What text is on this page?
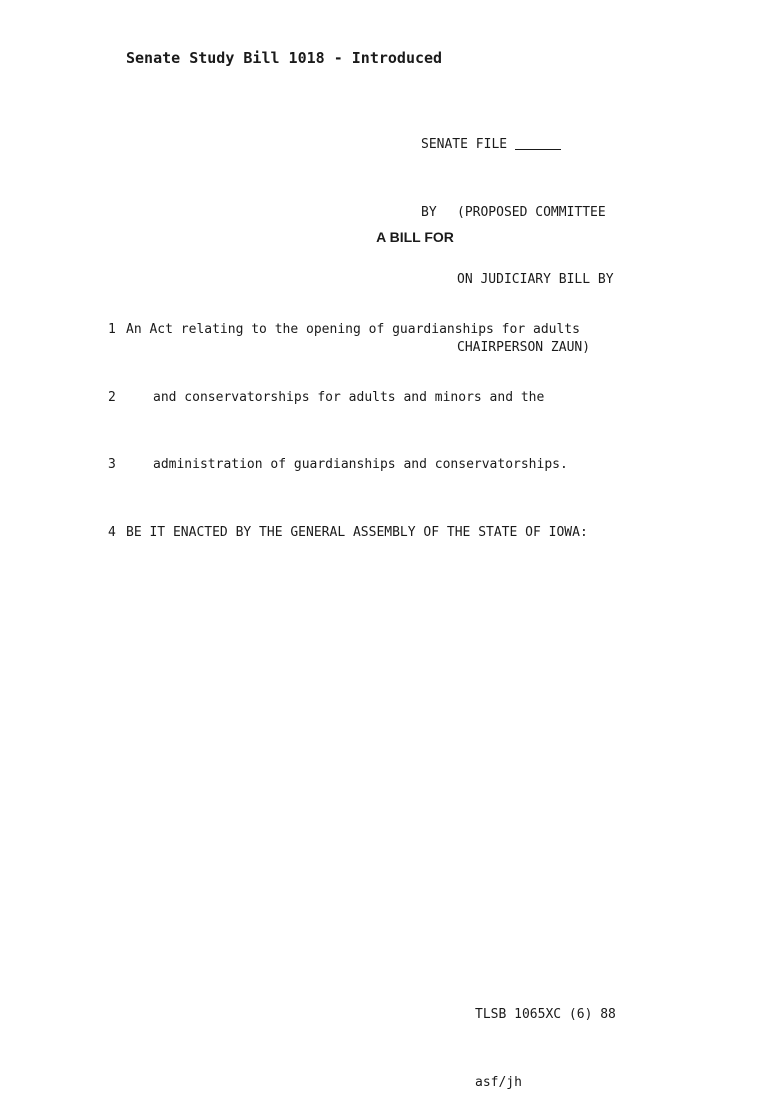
Senate Study Bill 1018 - Introduced

SENATE FILE

BY	(PROPOSED COMMITTEE

ON JUDICIARY BILL BY

CHAIRPERSON ZAUN)

A BILL FOR

1 An Act relating to the opening of guardianships for adults

2	and conservatorships for adults and minors and the

3	administration of guardianships and conservatorships.

4 BE IT ENACTED BY THE GENERAL ASSEMBLY OF THE STATE OF IOWA:

TLSB 1065XC (6) 88

asf/jh
